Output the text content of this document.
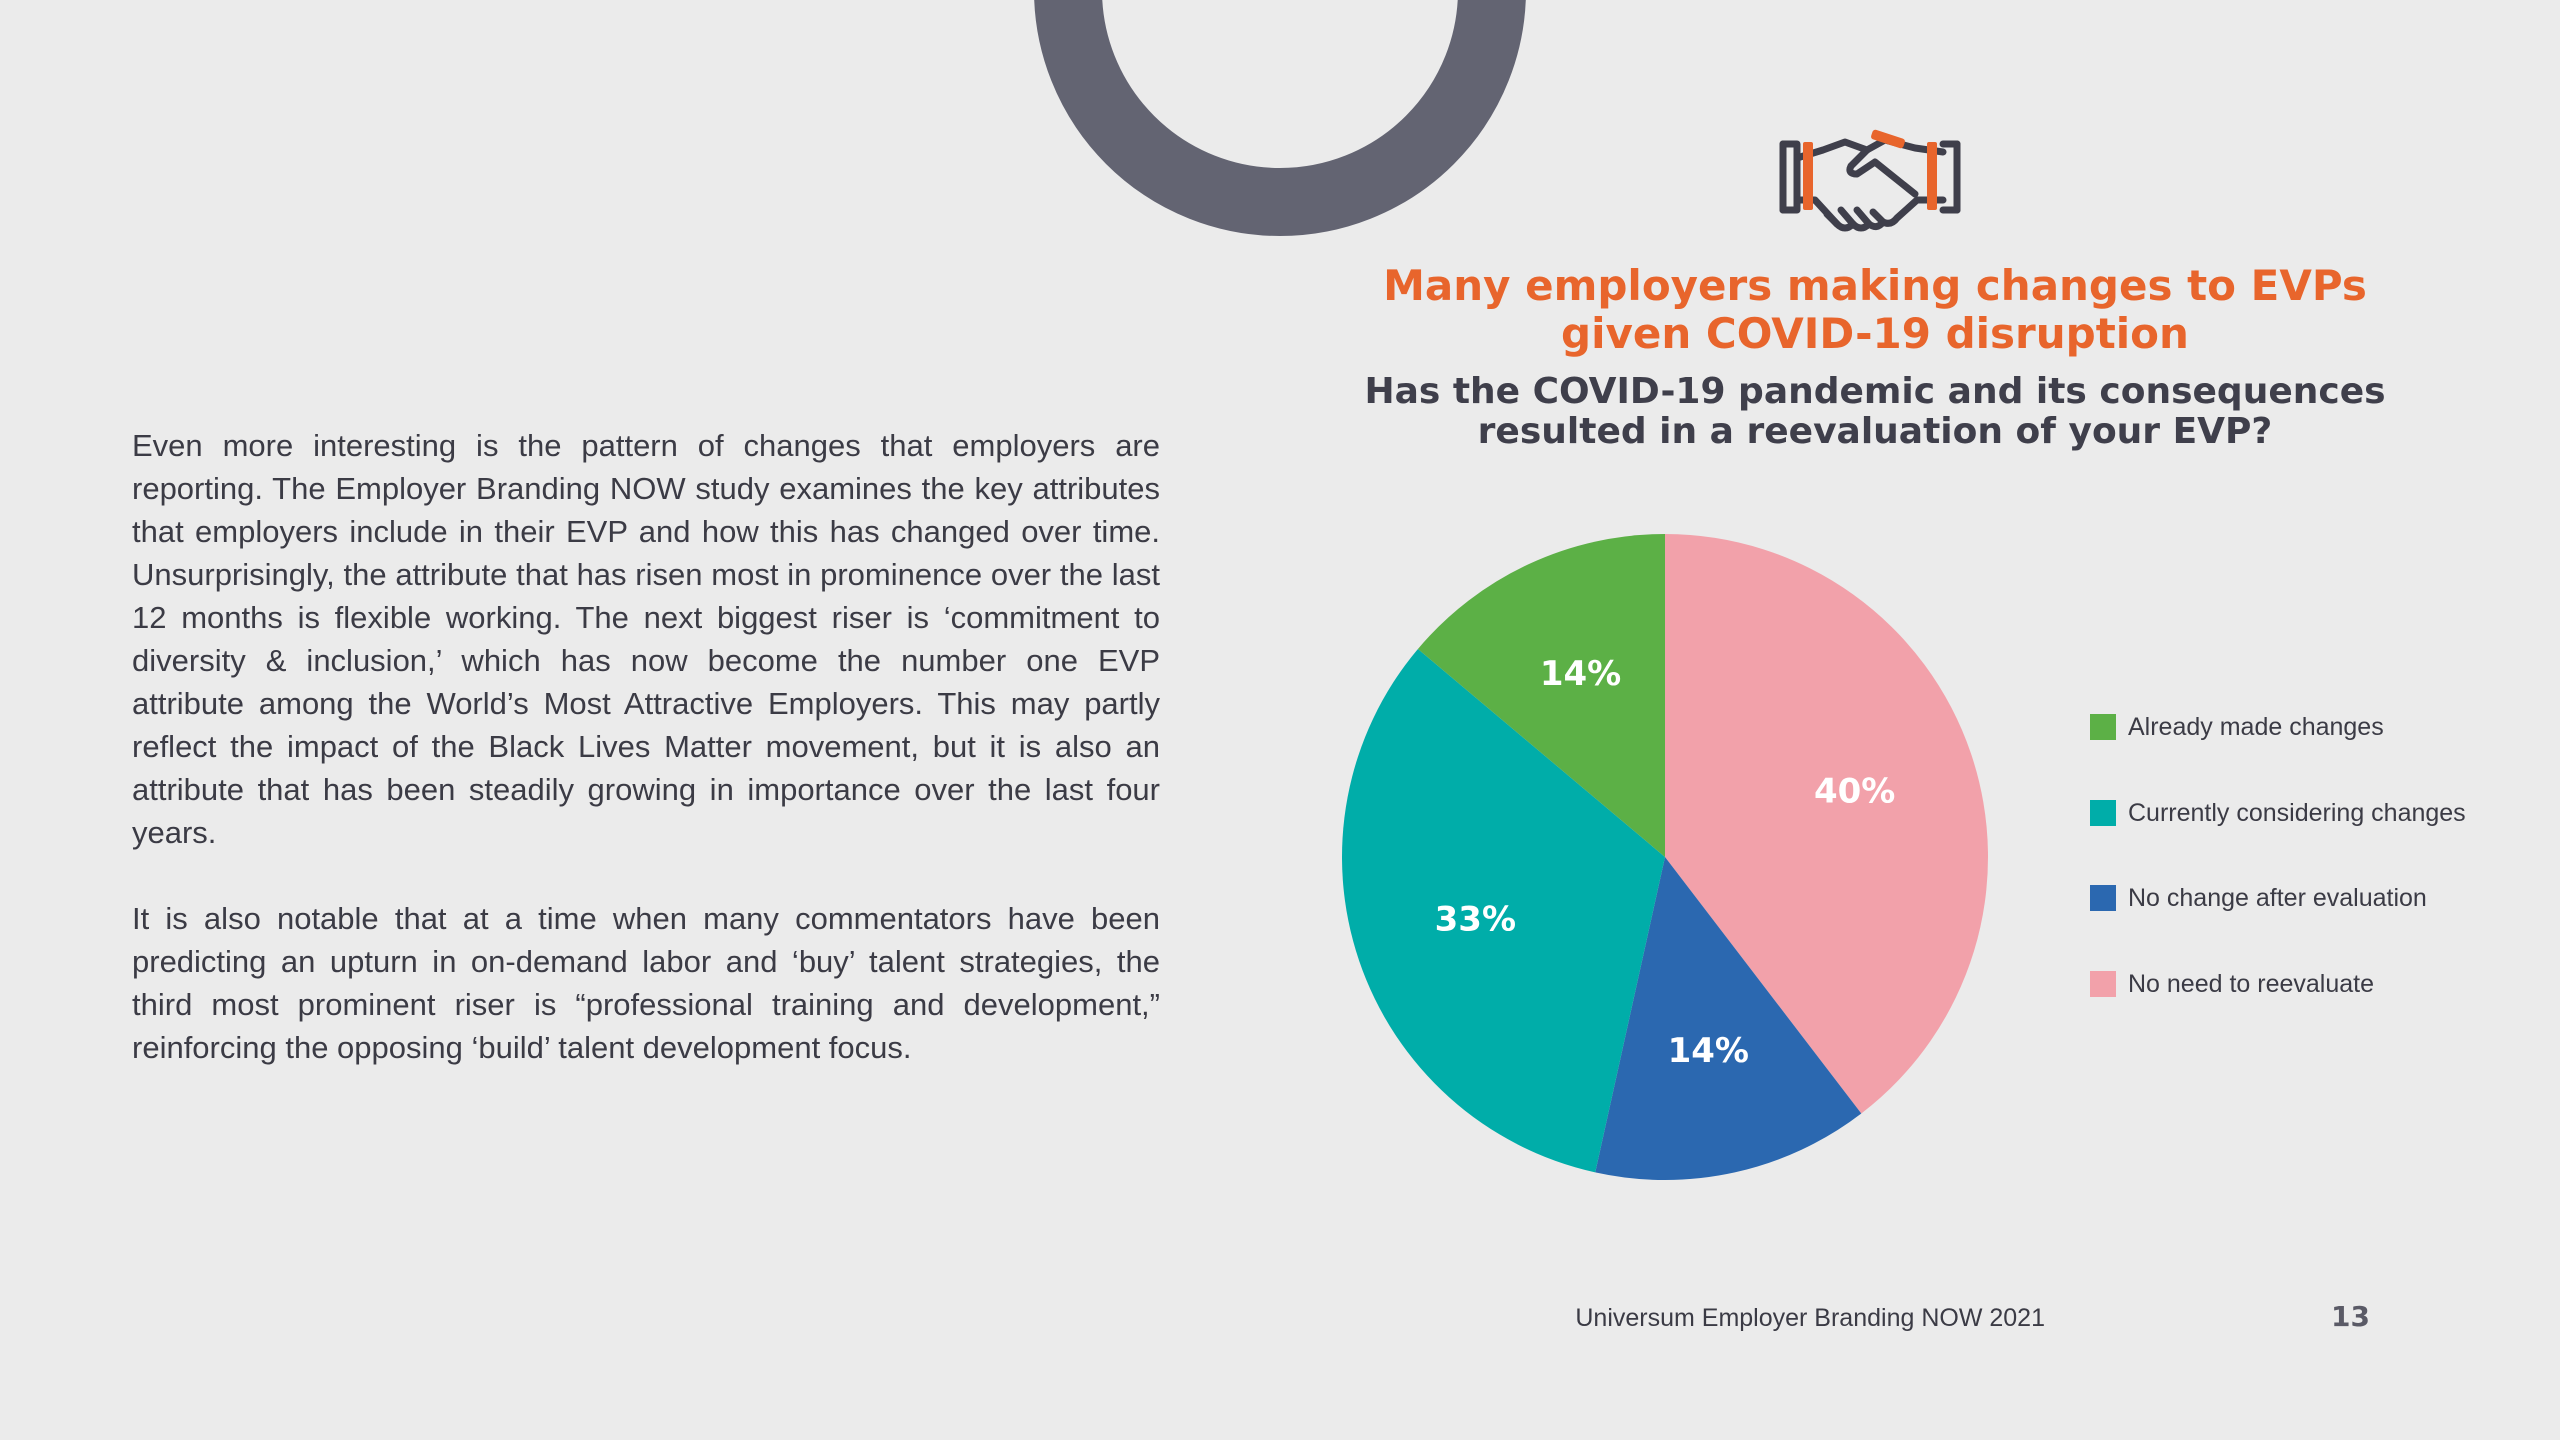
Even more interesting is the pattern of changes that employers are reporting. The Employer Branding NOW study examines the key attributes that employers include in their EVP and how this has changed over time. Unsurprisingly, the attribute that has risen most in prominence over the last 12 months is flexible working. The next biggest riser is ‘commitment to diversity & inclusion,’ which has now become the number one EVP attribute among the World’s Most Attractive Employers. This may partly reflect the impact of the Black Lives Matter movement, but it is also an attribute that has been steadily growing in importance over the last four years.

It is also notable that at a time when many commentators have been predicting an upturn in on-demand labor and ‘buy’ talent strategies, the third most prominent riser is “professional training and development,” reinforcing the opposing ‘build’ talent development focus.

Many employers making changes to EVPs
given COVID-19 disruption
Has the COVID-19 pandemic and its consequences
resulted in a reevaluation of your EVP?
40%
14%
33%
14%
Already made changes
Currently considering changes
No change after evaluation
No need to reevaluate
Universum Employer Branding NOW 2021	13
